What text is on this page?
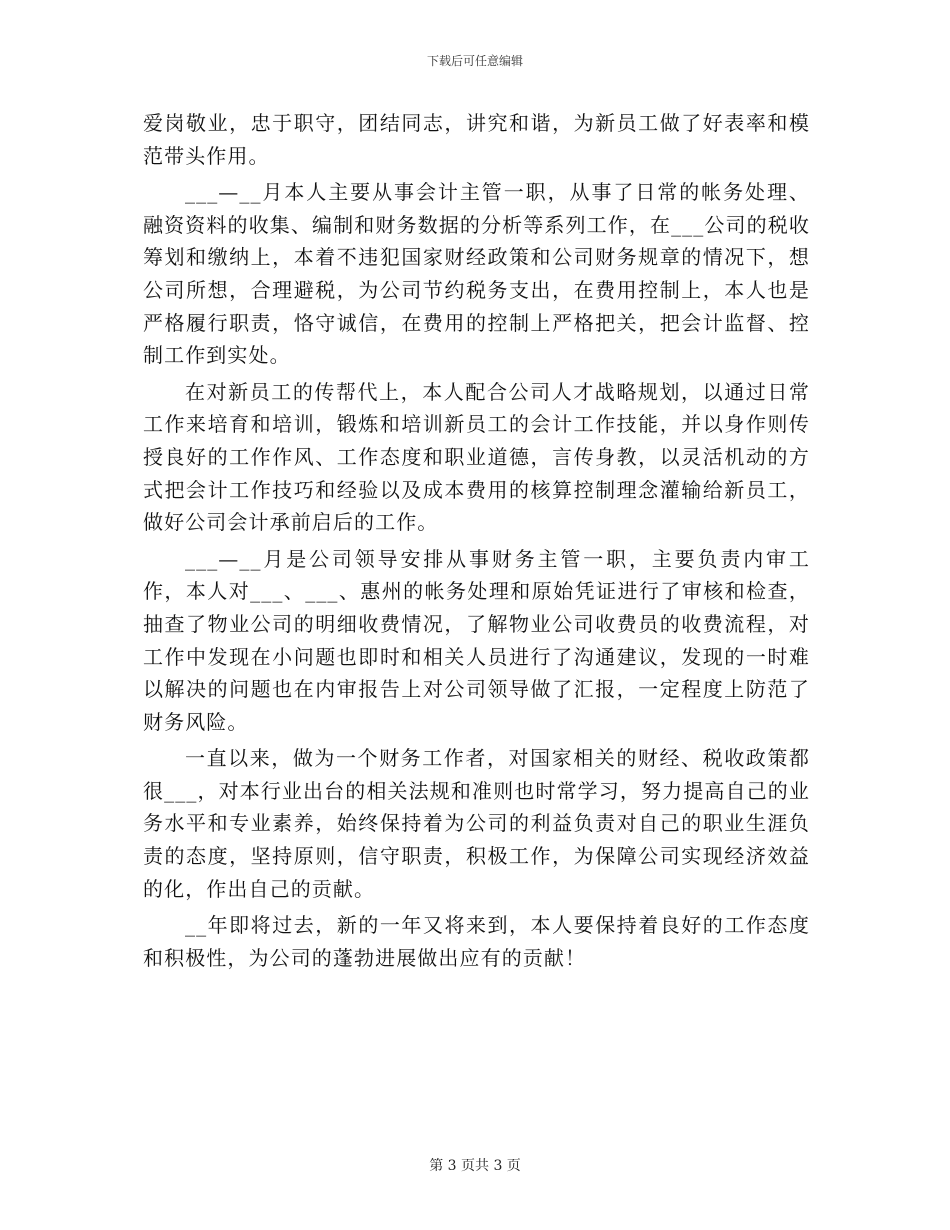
下载后可任意编辑

爱岗敬业，忠于职守，团结同志，讲究和谐，为新员工做了好表率和模范带头作用。

___—__月本人主要从事会计主管一职，从事了日常的帐务处理、融资资料的收集、编制和财务数据的分析等系列工作，在___公司的税收筹划和缴纳上，本着不违犯国家财经政策和公司财务规章的情况下，想公司所想，合理避税，为公司节约税务支出，在费用控制上，本人也是严格履行职责，恪守诚信，在费用的控制上严格把关，把会计监督、控制工作到实处。

在对新员工的传帮代上，本人配合公司人才战略规划，以通过日常工作来培育和培训，锻炼和培训新员工的会计工作技能，并以身作则传授良好的工作作风、工作态度和职业道德，言传身教，以灵活机动的方式把会计工作技巧和经验以及成本费用的核算控制理念灌输给新员工，做好公司会计承前启后的工作。

___—__月是公司领导安排从事财务主管一职，主要负责内审工作，本人对___、___、惠州的帐务处理和原始凭证进行了审核和检查，抽查了物业公司的明细收费情况，了解物业公司收费员的收费流程，对工作中发现在小问题也即时和相关人员进行了沟通建议，发现的一时难以解决的问题也在内审报告上对公司领导做了汇报，一定程度上防范了财务风险。

一直以来，做为一个财务工作者，对国家相关的财经、税收政策都很___，对本行业出台的相关法规和准则也时常学习，努力提高自己的业务水平和专业素养，始终保持着为公司的利益负责对自己的职业生涯负责的态度，坚持原则，信守职责，积极工作，为保障公司实现经济效益的化，作出自己的贡献。

__年即将过去，新的一年又将来到，本人要保持着良好的工作态度和积极性，为公司的蓬勃进展做出应有的贡献！

第 3 页共 3 页
